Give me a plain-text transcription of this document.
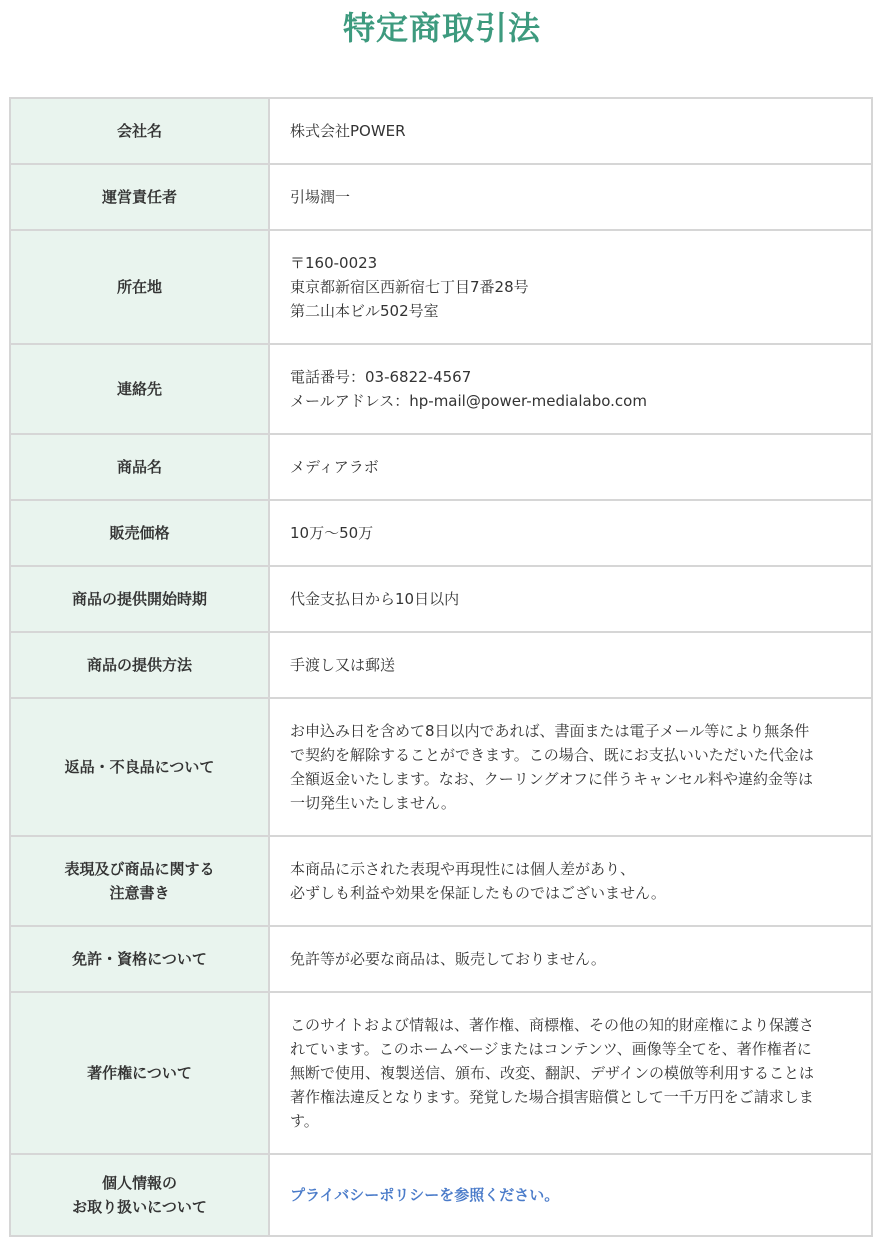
特定商取引法
会社名	株式会社POWER

運営責任者	引場潤一

所在地	〒160-0023
東京都新宿区西新宿七丁目7番28号
第二山本ビル502号室

連絡先	電話番号：03-6822-4567
メールアドレス：hp-mail@power-medialabo.com

商品名	メディアラボ

販売価格	10万〜50万

商品の提供開始時期	代金支払日から10日以内

商品の提供方法	手渡し又は郵送

返品・不良品について	お申込み日を含めて8日以内であれば、書面または電子メール等により無条件
で契約を解除することができます。この場合、既にお支払いいただいた代金は
全額返金いたします。なお、クーリングオフに伴うキャンセル料や違約金等は
一切発生いたしません。

表現及び商品に関する
注意書き	本商品に示された表現や再現性には個人差があり、
必ずしも利益や効果を保証したものではございません。

免許・資格について	免許等が必要な商品は、販売しておりません。

著作権について	このサイトおよび情報は、著作権、商標権、その他の知的財産権により保護さ
れています。このホームページまたはコンテンツ、画像等全てを、著作権者に
無断で使用、複製送信、頒布、改変、翻訳、デザインの模倣等利用することは
著作権法違反となります。発覚した場合損害賠償として一千万円をご請求しま
す。

個人情報の
お取り扱いについて	プライバシーポリシーを参照ください。
